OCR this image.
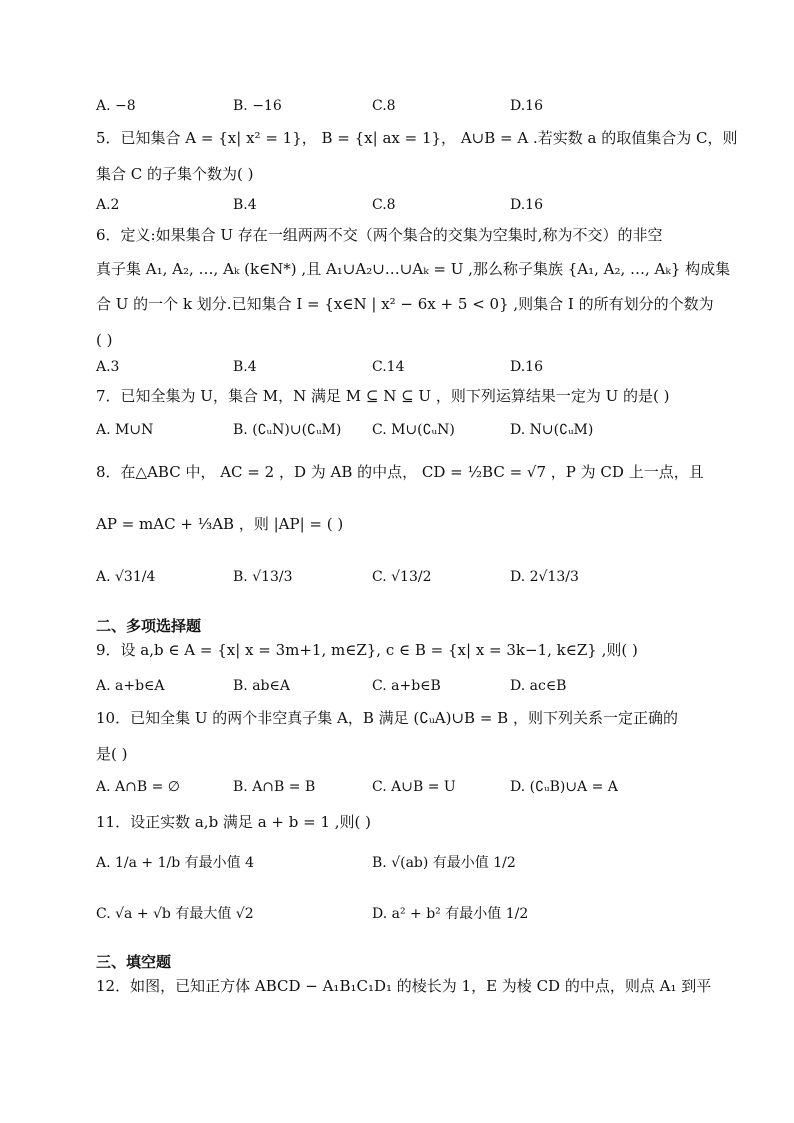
A. −8	B. −16	C.8	D.16
5．已知集合 A = {x| x² = 1}， B = {x| ax = 1}， A∪B = A .若实数 a 的取值集合为 C，则
集合 C 的子集个数为( )
A.2	B.4	C.8	D.16
6．定义:如果集合 U 存在一组两两不交（两个集合的交集为空集时,称为不交）的非空
真子集 A₁, A₂, …, Aₖ (k∈N*) ,且 A₁∪A₂∪…∪Aₖ = U ,那么称子集族 {A₁, A₂, …, Aₖ} 构成集
合 U 的一个 k 划分.已知集合 I = {x∈N | x² − 6x + 5 < 0} ,则集合 I 的所有划分的个数为
( )
A.3	B.4	C.14	D.16
7．已知全集为 U，集合 M，N 满足 M ⊆ N ⊆ U ，则下列运算结果一定为 U 的是( )
A. M∪N	B. (∁ᵤN)∪(∁ᵤM) C. M∪(∁ᵤN)	D. N∪(∁ᵤM)
8．在△ABC 中， AC = 2 ，D 为 AB 的中点， CD = ½BC = √7 ，P 为 CD 上一点，且
AP = mAC + ⅓AB ，则 |AP| = ( )
A. √31/4	B. √13/3	C. √13/2	D. 2√13/3
二、多项选择题
9．设 a,b ∈ A = {x| x = 3m+1, m∈Z}, c ∈ B = {x| x = 3k−1, k∈Z} ,则( )
A. a+b∈A	B. ab∈A	C. a+b∈B	D. ac∈B
10．已知全集 U 的两个非空真子集 A，B 满足 (∁ᵤA)∪B = B ，则下列关系一定正确的
是( )
A. A∩B = ∅	B. A∩B = B	C. A∪B = U	D. (∁ᵤB)∪A = A
11．设正实数 a,b 满足 a + b = 1 ,则( )
A. 1/a + 1/b 有最小值 4	B. √(ab) 有最小值 1/2
C. √a + √b 有最大值 √2	D. a² + b² 有最小值 1/2
三、填空题
12．如图，已知正方体 ABCD − A₁B₁C₁D₁ 的棱长为 1，E 为棱 CD 的中点，则点 A₁ 到平
